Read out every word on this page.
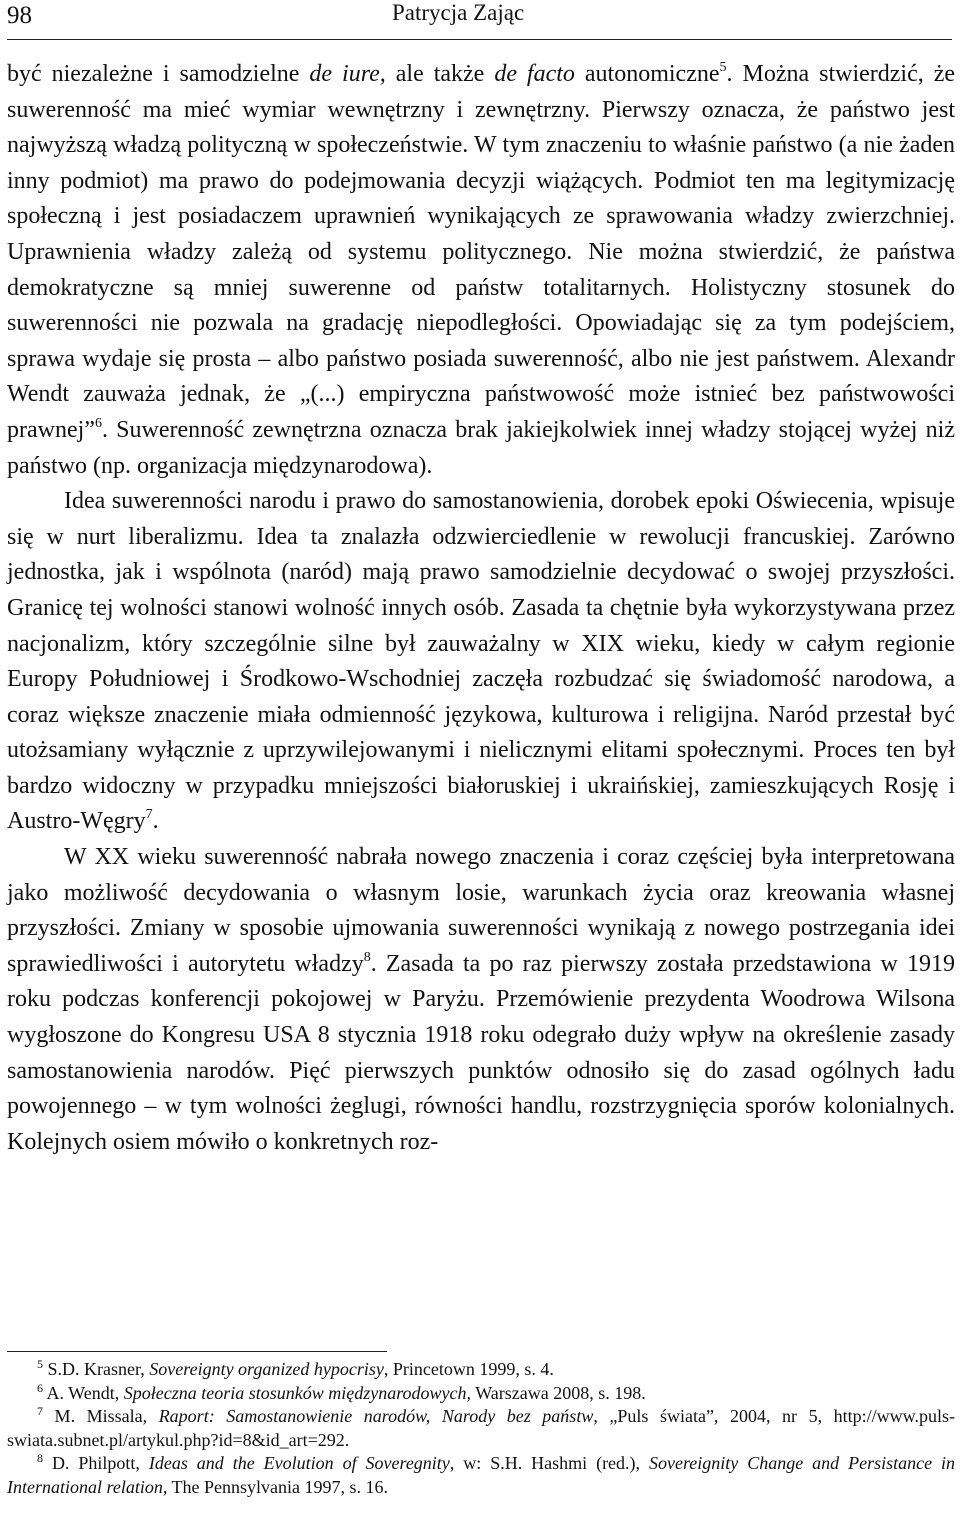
98	Patrycja Zając

być niezależne i samodzielne de iure, ale także de facto autonomiczne$^5$. Można stwierdzić, że suwerenność ma mieć wymiar wewnętrzny i zewnętrzny. Pierwszy oznacza, że państwo jest najwyższą władzą polityczną w społeczeństwie. W tym znaczeniu to właśnie państwo (a nie żaden inny podmiot) ma prawo do podejmowania decyzji wiążących. Podmiot ten ma legitymizację społeczną i jest posiadaczem uprawnień wynikających ze sprawowania władzy zwierzchniej. Uprawnienia władzy zależą od systemu politycznego. Nie można stwierdzić, że państwa demokratyczne są mniej suwerenne od państw totalitarnych. Holistyczny stosunek do suwerenności nie pozwala na gradację niepodległości. Opowiadając się za tym podejściem, sprawa wydaje się prosta – albo państwo posiada suwerenność, albo nie jest państwem. Alexandr Wendt zauważa jednak, że „(...) empiryczna państwowość może istnieć bez państwowości prawnej”$^6$. Suwerenność zewnętrzna oznacza brak jakiejkolwiek innej władzy stojącej wyżej niż państwo (np. organizacja międzynarodowa).

Idea suwerenności narodu i prawo do samostanowienia, dorobek epoki Oświecenia, wpisuje się w nurt liberalizmu. Idea ta znalazła odzwierciedlenie w rewolucji francuskiej. Zarówno jednostka, jak i wspólnota (naród) mają prawo samodzielnie decydować o swojej przyszłości. Granicę tej wolności stanowi wolność innych osób. Zasada ta chętnie była wykorzystywana przez nacjonalizm, który szczególnie silne był zauważalny w XIX wieku, kiedy w całym regionie Europy Południowej i Środkowo-Wschodniej zaczęła rozbudzać się świadomość narodowa, a coraz większe znaczenie miała odmienność językowa, kulturowa i religijna. Naród przestał być utożsamiany wyłącznie z uprzywilejowanymi i nielicznymi elitami społecznymi. Proces ten był bardzo widoczny w przypadku mniejszości białoruskiej i ukraińskiej, zamieszkujących Rosję i Austro-Węgry$^7$.

W XX wieku suwerenność nabrała nowego znaczenia i coraz częściej była interpretowana jako możliwość decydowania o własnym losie, warunkach życia oraz kreowania własnej przyszłości. Zmiany w sposobie ujmowania suwerenności wynikają z nowego postrzegania idei sprawiedliwości i autorytetu władzy$^8$. Zasada ta po raz pierwszy została przedstawiona w 1919 roku podczas konferencji pokojowej w Paryżu. Przemówienie prezydenta Woodrowa Wilsona wygłoszone do Kongresu USA 8 stycznia 1918 roku odegrało duży wpływ na określenie zasady samostanowienia narodów. Pięć pierwszych punktów odnosiło się do zasad ogólnych ładu powojennego – w tym wolności żeglugi, równości handlu, rozstrzygnięcia sporów kolonialnych. Kolejnych osiem mówiło o konkretnych roz-

$^5$ S.D. Krasner, Sovereignty organized hypocrisy, Princetown 1999, s. 4.

$^6$ A. Wendt, Społeczna teoria stosunków międzynarodowych, Warszawa 2008, s. 198.

$^7$ M. Missala, Raport: Samostanowienie narodów, Narody bez państw, „Puls świata”, 2004, nr 5, http://www.puls-swiata.subnet.pl/artykul.php?id=8&id_art=292.

$^8$ D. Philpott, Ideas and the Evolution of Soveregnity, w: S.H. Hashmi (red.), Sovereignity Change and Persistance in International relation, The Pennsylvania 1997, s. 16.
